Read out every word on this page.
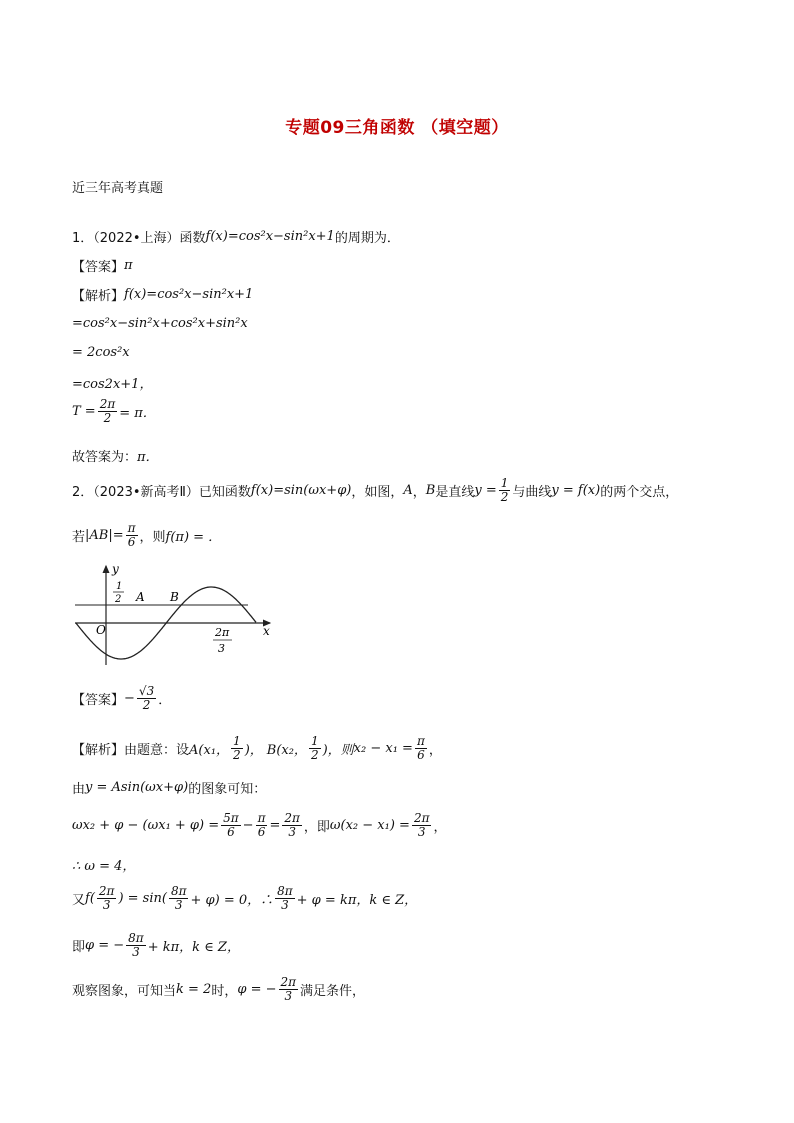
专题09三角函数 （填空题）
近三年高考真题
1．（2022•上海）函数 f(x)=cos²x−sin²x+1 的周期为．
【答案】 π
【解析】 f(x)=cos²x−sin²x+1
=cos²x−sin²x+cos²x+sin²x
= 2cos²x
=cos2x+1，
$T = \frac{2\pi}{2} = \pi$．
故答案为： π．
2．（2023•新高考Ⅱ）已知函数 f(x)=sin(ωx+φ) ，如图， A ， B 是直线 $y = \frac{1}{2}$ 与曲线 y = f(x) 的两个交点，
若 $|AB|= \frac{\pi}{6}$ ，则 f(π) = ．
y
x
O
A B
1
2
2π
3
【答案】 − $\frac{√3}{2}$ ．
【解析】 由题意：设 A(x₁， $\frac{1}{2}$ )， B(x₂， $\frac{1}{2}$ )，则 $x_2 - x_1 = \frac{\pi}{6}$ ，
由 y = Asin(ωx+φ) 的图象可知：
$\omega x_2 + \varphi - (\omega x_1 + \varphi) = \frac{5\pi}{6} - \frac{\pi}{6} = \frac{2\pi}{3}$ ，即 $\omega(x_2 - x_1) = \frac{2\pi}{3}$ ，
∴ ω = 4，
又 $f( \frac{2\pi}{3}$ ) = $\sin( \frac{8\pi}{3} + \varphi) = 0$，∴ $\frac{8\pi}{3} + \varphi = k\pi$，k ∈ Z，
即 φ = − $\frac{8\pi}{3} + k\pi$，k ∈ Z，
观察图象，可知当 k = 2 时， φ = − $\frac{2\pi}{3}$ 满足条件，
